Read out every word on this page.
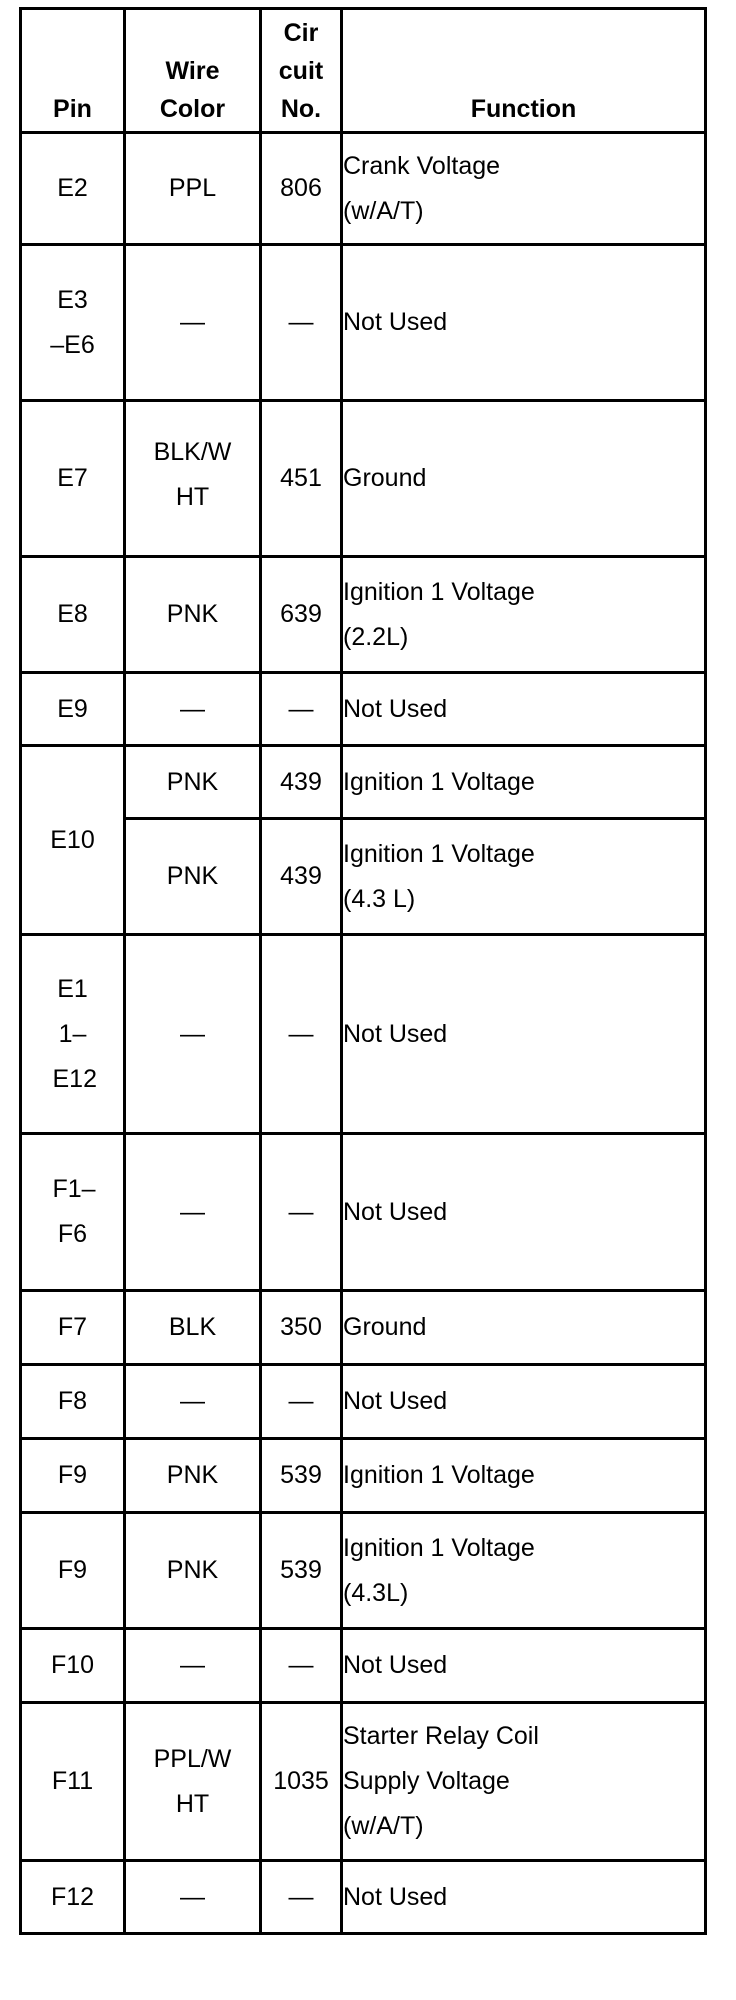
Pin	Wire Color	Cir cuit No.	Function
E2	PPL	806	Crank Voltage (w/A/T)

E3 –E6	—	—	Not Used
E7	BLK/W HT	451	Ground
E8	PNK	639	Ignition 1 Voltage (2.2L)

E9	—	—	Not Used
E10	PNK	439	Ignition 1 Voltage
	PNK	439	Ignition 1 Voltage (4.3 L)

E1 1– E12	—	—	Not Used

F1– F6	—	—	Not Used
F7	BLK	350	Ground
F8	—	—	Not Used
F9	PNK	539	Ignition 1 Voltage
F9	PNK	539	Ignition 1 Voltage (4.3L)

F10	—	—	Not Used
F11	PPL/W HT	1035	Starter Relay Coil Supply Voltage (w/A/T)

F12	—	—	Not Used
